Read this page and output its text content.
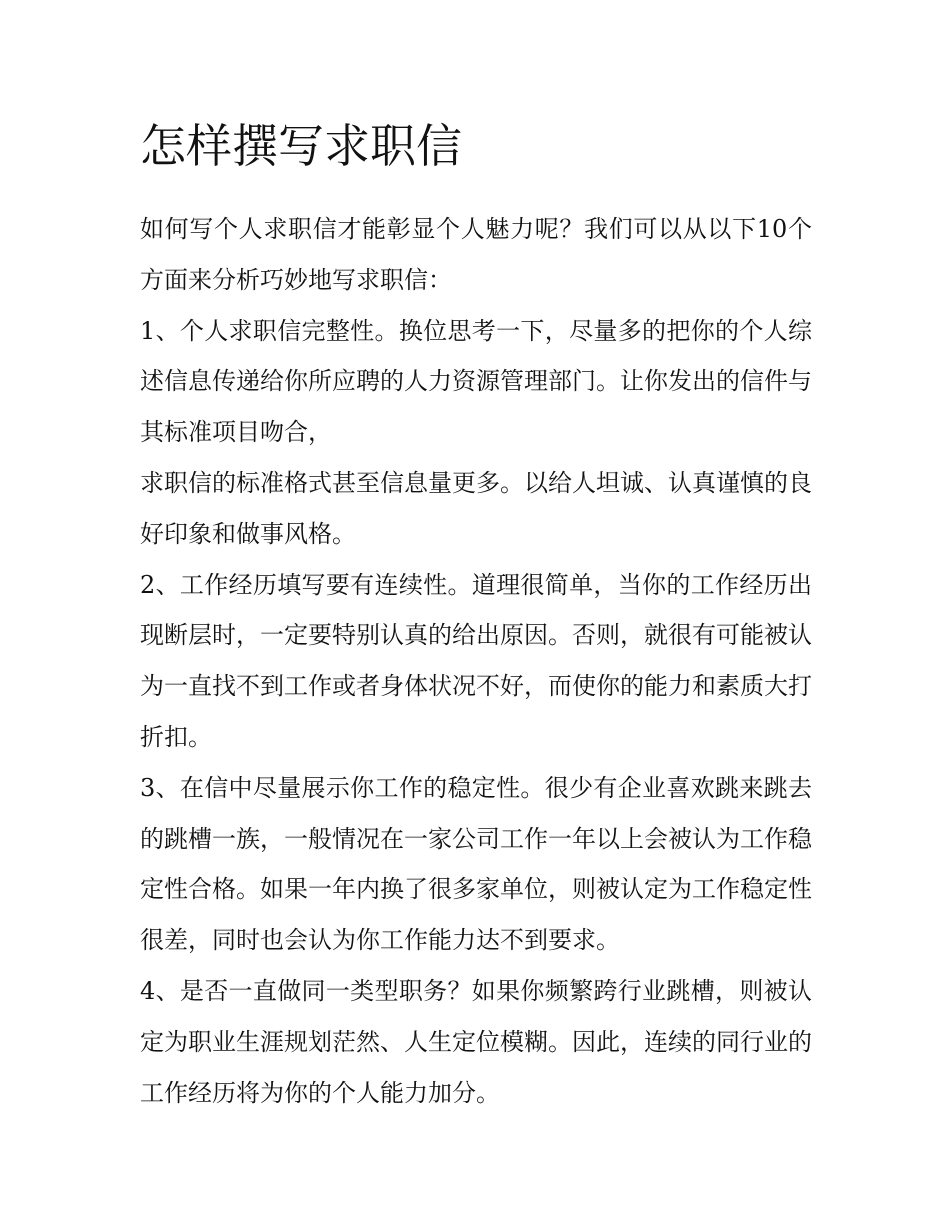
怎样撰写求职信

如何写个人求职信才能彰显个人魅力呢？我们可以从以下10个方面来分析巧妙地写求职信：

1、个人求职信完整性。换位思考一下，尽量多的把你的个人综述信息传递给你所应聘的人力资源管理部门。让你发出的信件与其标准项目吻合，

求职信的标准格式甚至信息量更多。以给人坦诚、认真谨慎的良好印象和做事风格。

2、工作经历填写要有连续性。道理很简单，当你的工作经历出现断层时，一定要特别认真的给出原因。否则，就很有可能被认为一直找不到工作或者身体状况不好，而使你的能力和素质大打折扣。

3、在信中尽量展示你工作的稳定性。很少有企业喜欢跳来跳去的跳槽一族，一般情况在一家公司工作一年以上会被认为工作稳定性合格。如果一年内换了很多家单位，则被认定为工作稳定性很差，同时也会认为你工作能力达不到要求。

4、是否一直做同一类型职务？如果你频繁跨行业跳槽，则被认定为职业生涯规划茫然、人生定位模糊。因此，连续的同行业的工作经历将为你的个人能力加分。
